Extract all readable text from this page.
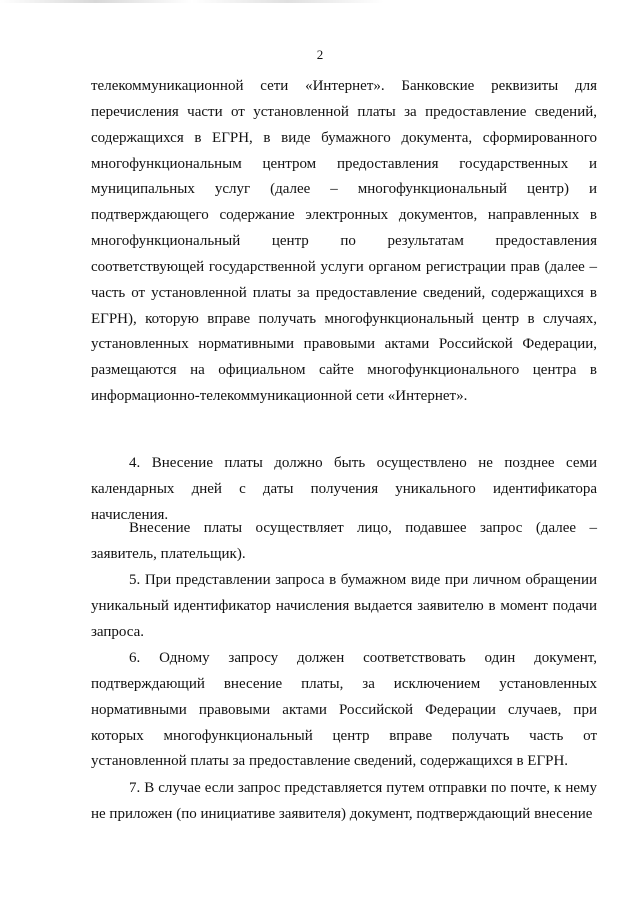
2

телекоммуникационной сети «Интернет». Банковские реквизиты для перечисления части от установленной платы за предоставление сведений, содержащихся в ЕГРН, в виде бумажного документа, сформированного многофункциональным центром предоставления государственных и муниципальных услуг (далее – многофункциональный центр) и подтверждающего содержание электронных документов, направленных в многофункциональный центр по результатам предоставления соответствующей государственной услуги органом регистрации прав (далее – часть от установленной платы за предоставление сведений, содержащихся в ЕГРН), которую вправе получать многофункциональный центр в случаях, установленных нормативными правовыми актами Российской Федерации, размещаются на официальном сайте многофункционального центра в информационно-телекоммуникационной сети «Интернет».

4. Внесение платы должно быть осуществлено не позднее семи календарных дней с даты получения уникального идентификатора начисления.

Внесение платы осуществляет лицо, подавшее запрос (далее – заявитель, плательщик).

5. При представлении запроса в бумажном виде при личном обращении уникальный идентификатор начисления выдается заявителю в момент подачи запроса.

6. Одному запросу должен соответствовать один документ, подтверждающий внесение платы, за исключением установленных нормативными правовыми актами Российской Федерации случаев, при которых многофункциональный центр вправе получать часть от установленной платы за предоставление сведений, содержащихся в ЕГРН.

7. В случае если запрос представляется путем отправки по почте, к нему не приложен (по инициативе заявителя) документ, подтверждающий внесение
